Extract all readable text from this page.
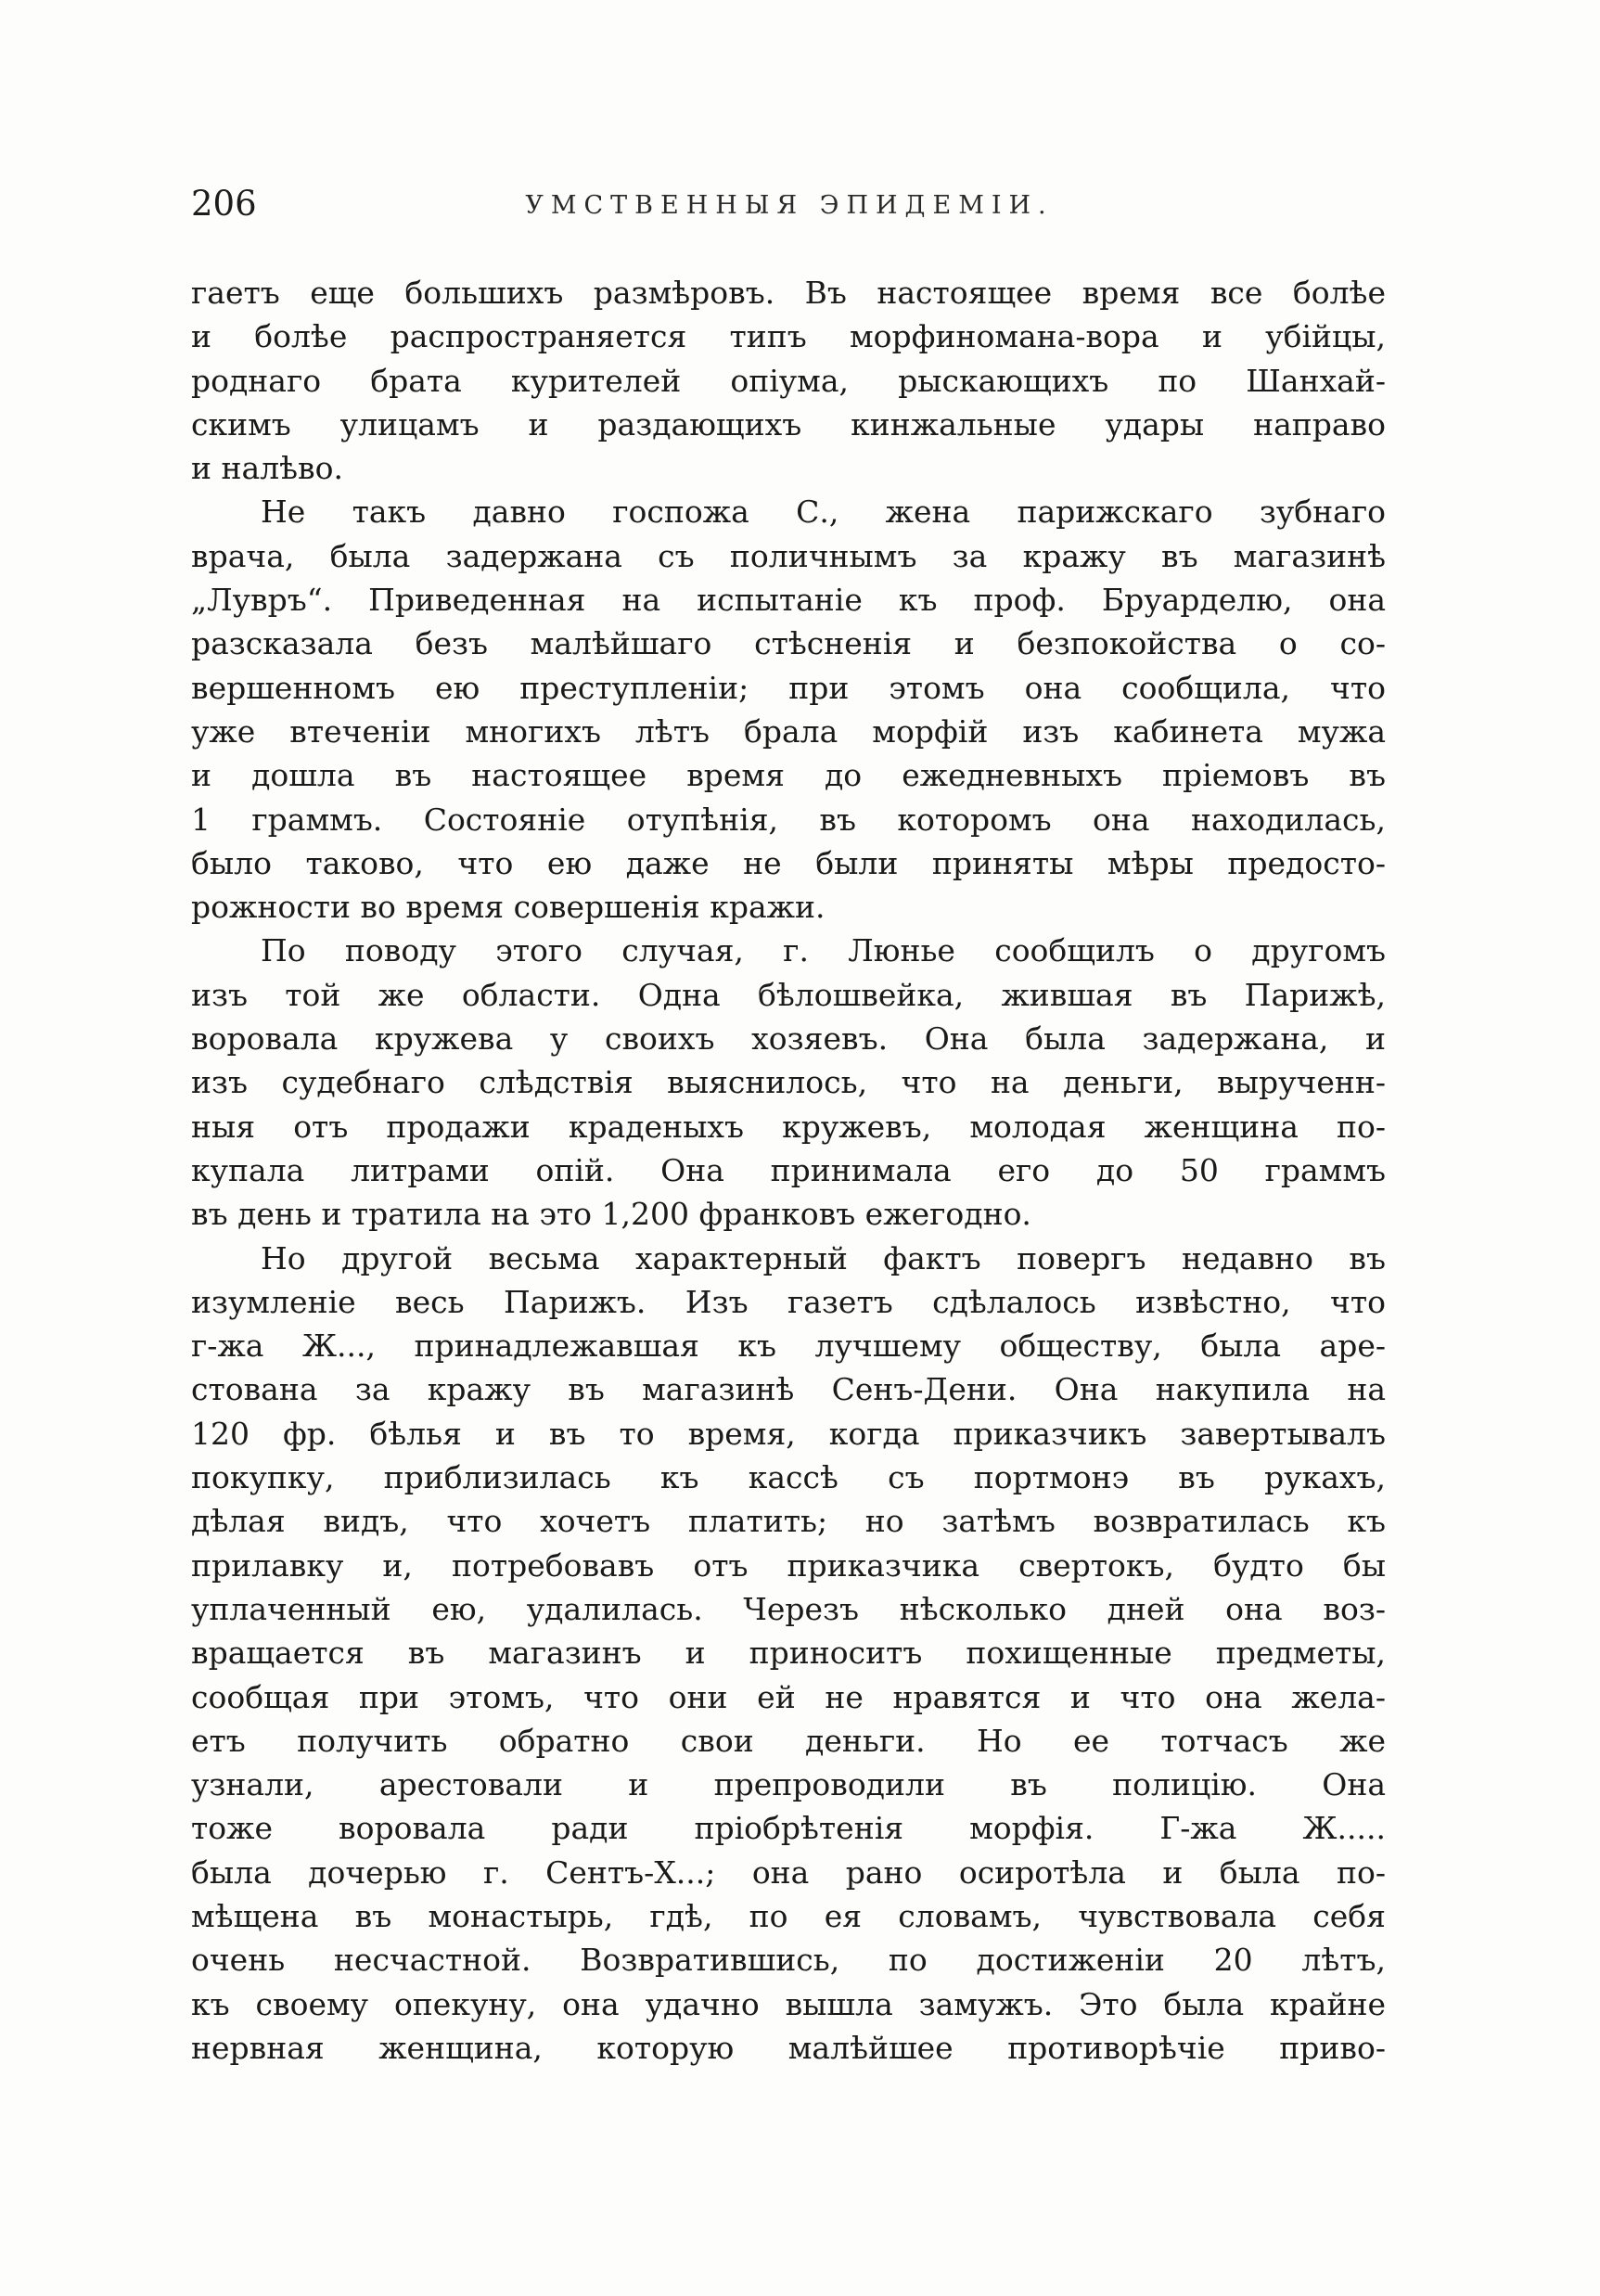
206	УМСТВЕННЫЯ ЭПИДЕМІИ.
гаетъ еще большихъ размѣровъ. Въ настоящее время все болѣе
и болѣе распространяется типъ морфиномана-вора и убійцы,
роднаго брата курителей опіума, рыскающихъ по Шанхай-
скимъ улицамъ и раздающихъ кинжальные удары направо
и налѣво.
Не такъ давно госпожа С., жена парижскаго зубнаго
врача, была задержана съ поличнымъ за кражу въ магазинѣ
„Лувръ“. Приведенная на испытаніе къ проф. Бруарделю, она
разсказала безъ малѣйшаго стѣсненія и безпокойства о со-
вершенномъ ею преступленіи; при этомъ она сообщила, что
уже втеченіи многихъ лѣтъ брала морфій изъ кабинета мужа
и дошла въ настоящее время до ежедневныхъ пріемовъ въ
1 граммъ. Состояніе отупѣнія, въ которомъ она находилась,
было таково, что ею даже не были приняты мѣры предосто-
рожности во время совершенія кражи.
По поводу этого случая, г. Люнье сообщилъ о другомъ
изъ той же области. Одна бѣлошвейка, жившая въ Парижѣ,
воровала кружева у своихъ хозяевъ. Она была задержана, и
изъ судебнаго слѣдствія выяснилось, что на деньги, вырученн-
ныя отъ продажи краденыхъ кружевъ, молодая женщина по-
купала литрами опій. Она принимала его до 50 граммъ
въ день и тратила на это 1,200 франковъ ежегодно.
Но другой весьма характерный фактъ повергъ недавно въ
изумленіе весь Парижъ. Изъ газетъ сдѣлалось извѣстно, что
г-жа Ж..., принадлежавшая къ лучшему обществу, была аре-
стована за кражу въ магазинѣ Сенъ-Дени. Она накупила на
120 фр. бѣлья и въ то время, когда приказчикъ завертывалъ
покупку, приблизилась къ кассѣ съ портмонэ въ рукахъ,
дѣлая видъ, что хочетъ платить; но затѣмъ возвратилась къ
прилавку и, потребовавъ отъ приказчика свертокъ, будто бы
уплаченный ею, удалилась. Черезъ нѣсколько дней она воз-
вращается въ магазинъ и приноситъ похищенные предметы,
сообщая при этомъ, что они ей не нравятся и что она жела-
етъ получить обратно свои деньги. Но ее тотчасъ же
узнали, арестовали и препроводили въ полицію. Она
тоже воровала ради пріобрѣтенія морфія. Г-жа Ж.....
была дочерью г. Сентъ-Х...; она рано осиротѣла и была по-
мѣщена въ монастырь, гдѣ, по ея словамъ, чувствовала себя
очень несчастной. Возвратившись, по достиженіи 20 лѣтъ,
къ своему опекуну, она удачно вышла замужъ. Это была крайне
нервная женщина, которую малѣйшее противорѣчіе приво-
